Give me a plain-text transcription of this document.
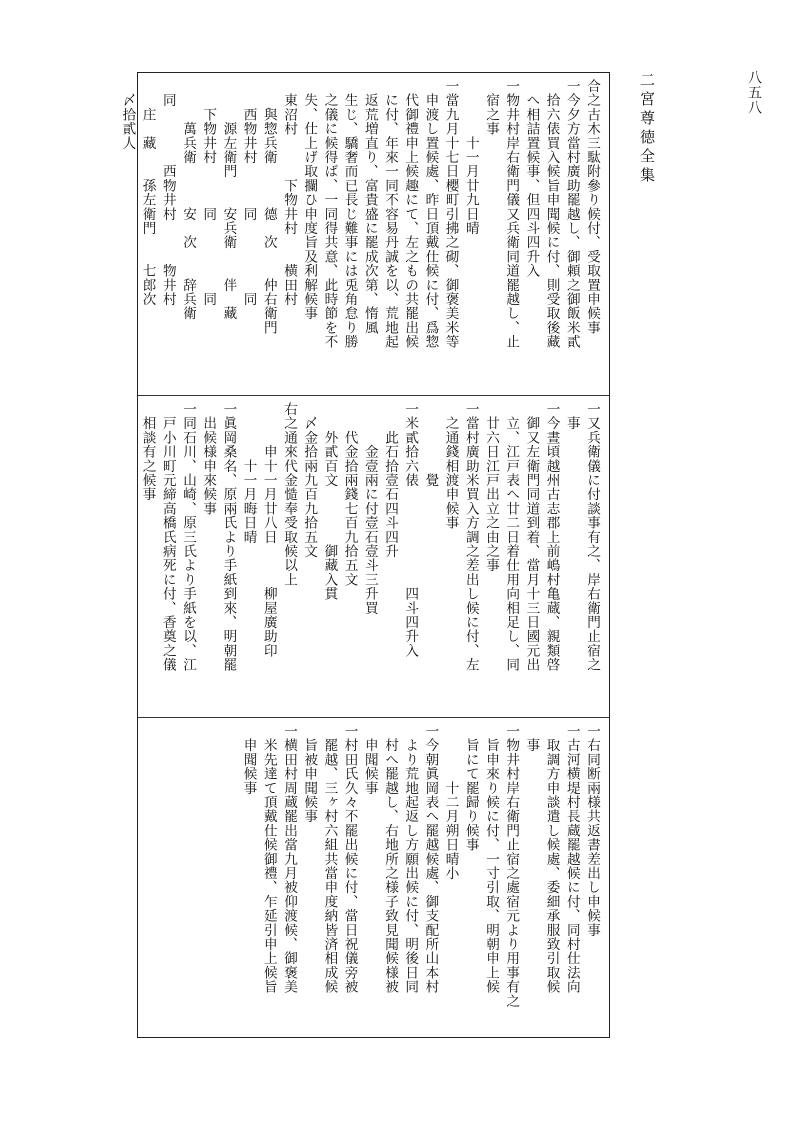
二宮尊徳全集
合之古木三駄附參り候付、受取置申候事
一今夕方當村廣助罷越し、御頼之御飯米貳
　拾六俵買入候旨申聞候に付、則受取後藏
　へ相詰置候事、但四斗四升入
一物井村岸右衛門儀又兵衛同道罷越し、止
　宿之事
　　　　十一月廿九日晴
一當九月十七日櫻町引拂之砌、御褒美米等
　申渡し置候處、昨日頂戴仕候に付、爲惣
　代御禮申上候趣にて、左之もの共罷出候
　に付、年來一同不容易丹誠を以、荒地起
　返荒増直り、富貴盛に罷成次第、惰風
　生じ、驕奢而已長じ難事には兎角怠り勝
　之儀に候得ば、一同得共意、此時節を不
　失、仕上げ取攔ひ申度旨及利解候事
　東沼村　　　下物井村　　横田村
　　與惣兵衛　　　德　次　　仲右衛門
　　西物井村　　　同　　　　　同
　　　源左衛門　　安兵衛　　伴　藏
　　下物井村　　　同　　　　　同
　　　萬兵衛　　　安　次　　辞兵衛
　同　　　　西物井村　　　物井村
　　庄　藏　　孫左衛門　　七郎次
　〆拾貳人
一又兵衛儀に付談事有之、岸右衛門止宿之
　事
一今晝頃越州古志郡上前嶋村亀蔵、親類啓
　御又左衛門同道到着、當月十三日國元出
　立、江戸表へ廿二日着仕用向相足し、同
　廿六日江戸出立之由之事
一當村廣助米買入方調之差出し候に付、左
　之通錢相渡申候事
　　　　　覺
一米貳拾六俵　　　　　　　四斗四升入
　　此石拾壹石四斗四升
　　　金壹兩に付壹石壹斗三升買
　　代金拾兩錢七百九拾五文
　　外貳百文　　　　御藏入貫
　〆金拾兩九百九拾五文
右之通來代金慥奉受取候以上
　　　申十一月廿八日　　　柳屋廣助印
　　　　十一月晦日晴
一眞岡桑名、原兩氏より手紙到來、明朝罷
　出候様申來候事
一同石川、山崎、原三氏より手紙を以、江
　戸小川町元締高橋氏病死に付、香奠之儀
　相談有之候事
一右同断兩様共返書差出し申候事
一古河横堤村長蔵罷越候に付、同村仕法向
　取調方申談遣し候處、委細承服致引取候
　事
一物井村岸右衛門止宿之處宿元より用事有之
　旨申來り候に付、一寸引取、明朝申上候
　旨にて罷歸り候事
　　　　十二月朔日晴小
一今朝眞岡表へ罷越候處、御支配所山本村
　より荒地起返し方願出候に付、明後日同
　村へ罷越し、右地所之様子致見聞候様被
　申聞候事
一村田氏久々不罷出候に付、當日祝儀旁被
　罷越、三ヶ村六組共當申度納皆済相成候
　旨被申聞候事
一横田村周蔵罷出當九月被仰渡候、御褒美
　米先達て頂戴仕候御禮、乍延引申上候旨
　申聞候事
八五八
